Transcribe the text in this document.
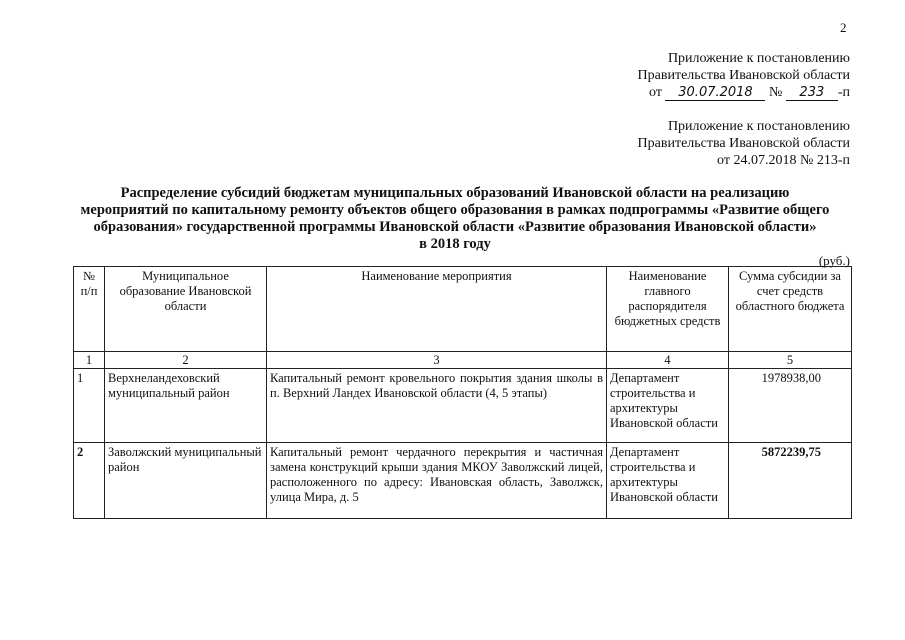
2
Приложение к постановлению
Правительства Ивановской области
от 30.07.2018 № 233 -п
Приложение к постановлению
Правительства Ивановской области
от 24.07.2018 № 213-п
Распределение субсидий бюджетам муниципальных образований Ивановской области на реализацию
мероприятий по капитальному ремонту объектов общего образования в рамках подпрограммы «Развитие общего
образования» государственной программы Ивановской области «Развитие образования Ивановской области»
в 2018 году
(руб.)
№ п/п	Муниципальное образование Ивановской области	Наименование мероприятия	Наименование главного распорядителя бюджетных средств	Сумма субсидии за счет средств областного бюджета
1	2	3	4	5
1	Верхнеландеховский муниципальный район	Капитальный ремонт кровельного покрытия здания школы в п. Верхний Ландех Ивановской области (4, 5 этапы)	Департамент строительства и архитектуры Ивановской области	1978938,00
2	Заволжский муниципальный район	Капитальный ремонт чердачного перекрытия и частичная замена конструкций крыши здания МКОУ Заволжский лицей, расположенного по адресу: Ивановская область, Заволжск, улица Мира, д. 5	Департамент строительства и архитектуры Ивановской области	5872239,75
